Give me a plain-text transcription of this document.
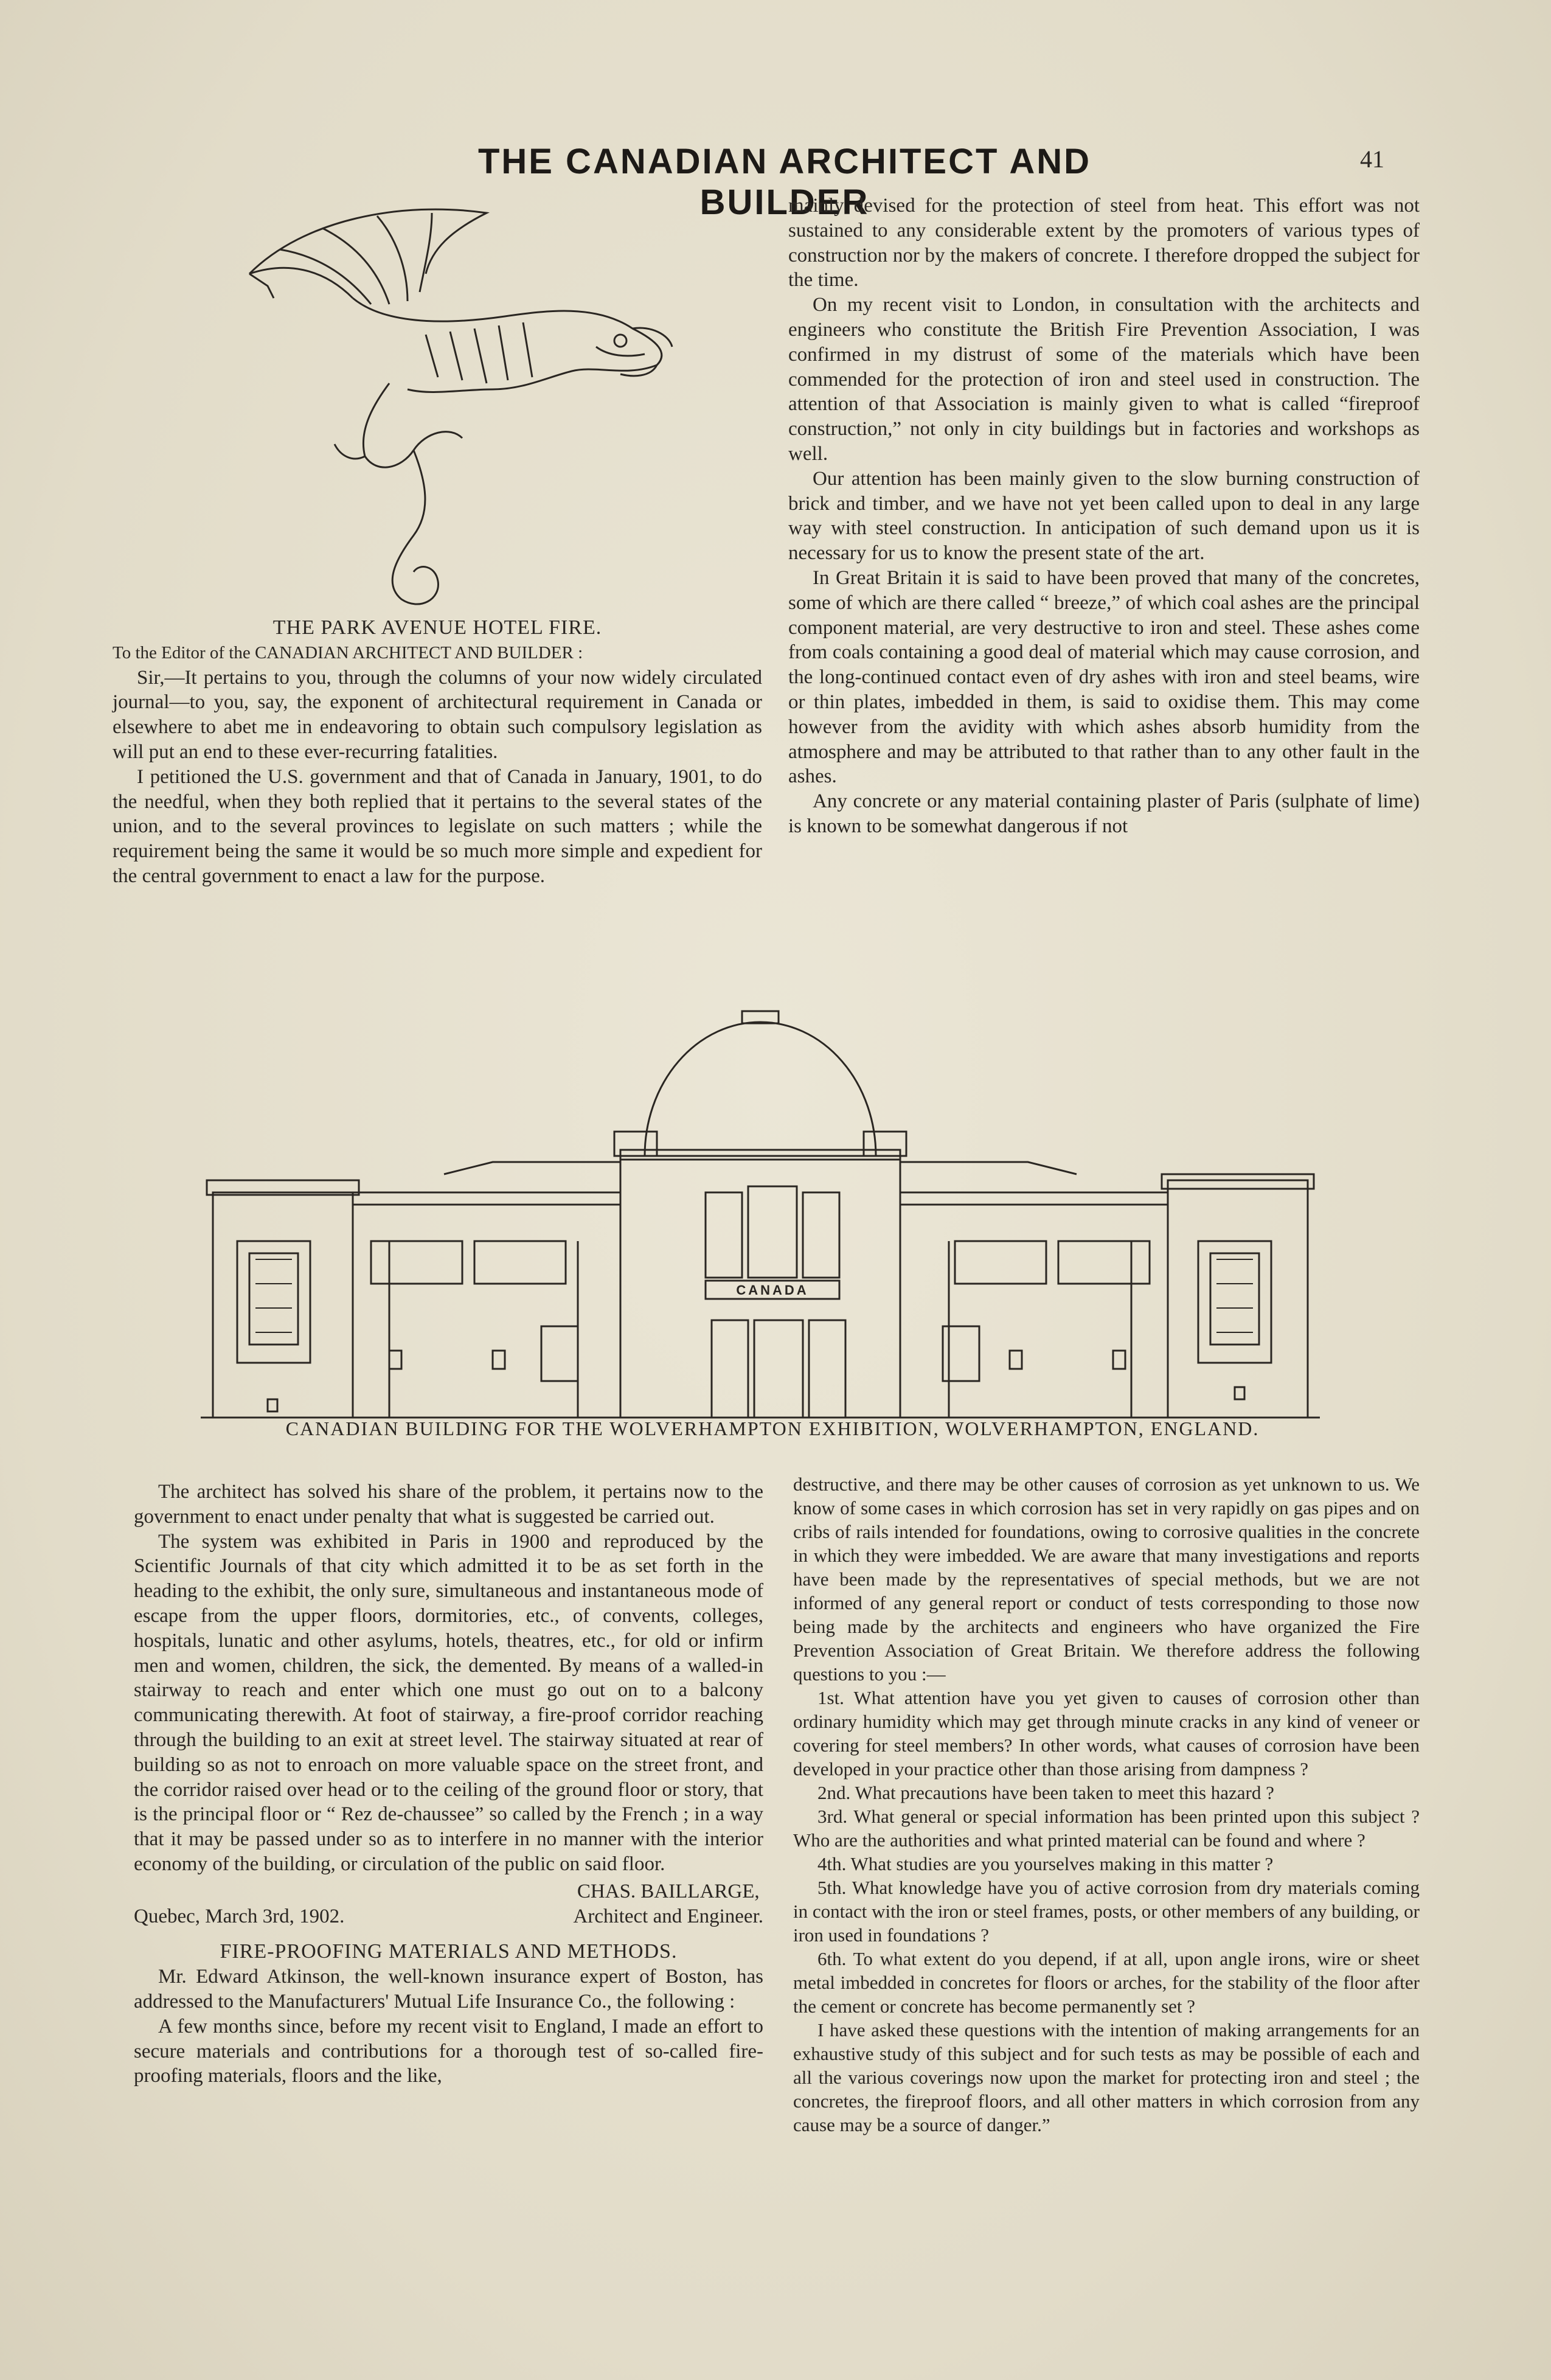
THE CANADIAN ARCHITECT AND BUILDER
41

THE PARK AVENUE HOTEL FIRE.

To the Editor of the CANADIAN ARCHITECT AND BUILDER :

Sir,—It pertains to you, through the columns of your now widely circulated journal—to you, say, the exponent of architectural requirement in Canada or elsewhere to abet me in endeavoring to obtain such compulsory legislation as will put an end to these ever-recurring fatalities.

I petitioned the U.S. government and that of Canada in January, 1901, to do the needful, when they both replied that it pertains to the several states of the union, and to the several provinces to legislate on such matters ; while the requirement being the same it would be so much more simple and expedient for the central government to enact a law for the purpose.

mainly devised for the protection of steel from heat. This effort was not sustained to any considerable extent by the promoters of various types of construction nor by the makers of concrete. I therefore dropped the subject for the time.

On my recent visit to London, in consultation with the architects and engineers who constitute the British Fire Prevention Association, I was confirmed in my distrust of some of the materials which have been commended for the protection of iron and steel used in construction. The attention of that Association is mainly given to what is called “fireproof construction,” not only in city buildings but in factories and workshops as well.

Our attention has been mainly given to the slow burning construction of brick and timber, and we have not yet been called upon to deal in any large way with steel construction. In anticipation of such demand upon us it is necessary for us to know the present state of the art.

In Great Britain it is said to have been proved that many of the concretes, some of which are there called “ breeze,” of which coal ashes are the principal component material, are very destructive to iron and steel. These ashes come from coals containing a good deal of material which may cause corrosion, and the long-continued contact even of dry ashes with iron and steel beams, wire or thin plates, imbedded in them, is said to oxidise them. This may come however from the avidity with which ashes absorb humidity from the atmosphere and may be attributed to that rather than to any other fault in the ashes.

Any concrete or any material containing plaster of Paris (sulphate of lime) is known to be somewhat dangerous if not

CANADA
CANADIAN BUILDING FOR THE WOLVERHAMPTON EXHIBITION, WOLVERHAMPTON, ENGLAND.

The architect has solved his share of the problem, it pertains now to the government to enact under penalty that what is suggested be carried out.

The system was exhibited in Paris in 1900 and reproduced by the Scientific Journals of that city which admitted it to be as set forth in the heading to the exhibit, the only sure, simultaneous and instantaneous mode of escape from the upper floors, dormitories, etc., of convents, colleges, hospitals, lunatic and other asylums, hotels, theatres, etc., for old or infirm men and women, children, the sick, the demented. By means of a walled-in stairway to reach and enter which one must go out on to a balcony communicating therewith. At foot of stairway, a fire-proof corridor reaching through the building to an exit at street level. The stairway situated at rear of building so as not to enroach on more valuable space on the street front, and the corridor raised over head or to the ceiling of the ground floor or story, that is the principal floor or “ Rez de-chaussee” so called by the French ; in a way that it may be passed under so as to interfere in no manner with the interior economy of the building, or circulation of the public on said floor.

Quebec, March 3rd, 1902.
CHAS. BAILLARGE,
Architect and Engineer.

FIRE-PROOFING MATERIALS AND METHODS.

Mr. Edward Atkinson, the well-known insurance expert of Boston, has addressed to the Manufacturers' Mutual Life Insurance Co., the following :

A few months since, before my recent visit to England, I made an effort to secure materials and contributions for a thorough test of so-called fire-proofing materials, floors and the like,

destructive, and there may be other causes of corrosion as yet unknown to us. We know of some cases in which corrosion has set in very rapidly on gas pipes and on cribs of rails intended for foundations, owing to corrosive qualities in the concrete in which they were imbedded. We are aware that many investigations and reports have been made by the representatives of special methods, but we are not informed of any general report or conduct of tests corresponding to those now being made by the architects and engineers who have organized the Fire Prevention Association of Great Britain. We therefore address the following questions to you :—

1st. What attention have you yet given to causes of corrosion other than ordinary humidity which may get through minute cracks in any kind of veneer or covering for steel members? In other words, what causes of corrosion have been developed in your practice other than those arising from dampness ?

2nd. What precautions have been taken to meet this hazard ?

3rd. What general or special information has been printed upon this subject ? Who are the authorities and what printed material can be found and where ?

4th. What studies are you yourselves making in this matter ?

5th. What knowledge have you of active corrosion from dry materials coming in contact with the iron or steel frames, posts, or other members of any building, or iron used in foundations ?

6th. To what extent do you depend, if at all, upon angle irons, wire or sheet metal imbedded in concretes for floors or arches, for the stability of the floor after the cement or concrete has become permanently set ?

I have asked these questions with the intention of making arrangements for an exhaustive study of this subject and for such tests as may be possible of each and all the various coverings now upon the market for protecting iron and steel ; the concretes, the fireproof floors, and all other matters in which corrosion from any cause may be a source of danger.”
